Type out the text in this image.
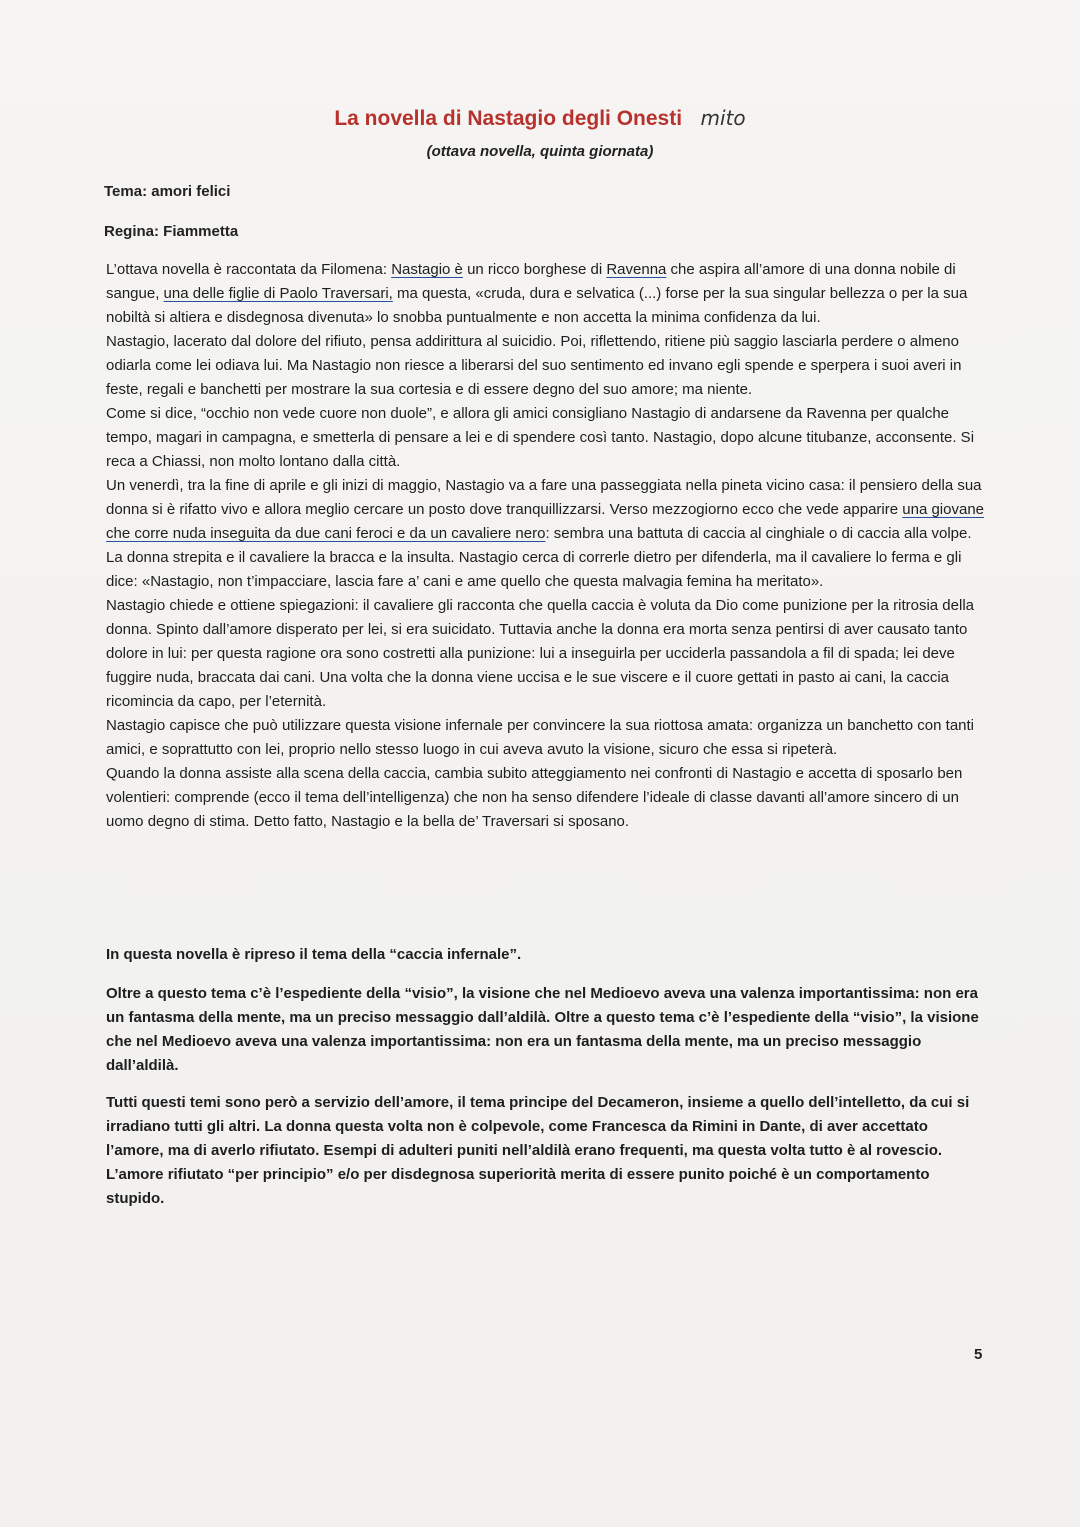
La novella di Nastagio degli Onesti mito
(ottava novella, quinta giornata)
Tema: amori felici
Regina: Fiammetta

L’ottava novella è raccontata da Filomena: Nastagio è un ricco borghese di Ravenna che aspira all’amore di una donna nobile di sangue, una delle figlie di Paolo Traversari, ma questa, «cruda, dura e selvatica (...) forse per la sua singular bellezza o per la sua nobiltà si altiera e disdegnosa divenuta» lo snobba puntualmente e non accetta la minima confidenza da lui.

Nastagio, lacerato dal dolore del rifiuto, pensa addirittura al suicidio. Poi, riflettendo, ritiene più saggio lasciarla perdere o almeno odiarla come lei odiava lui. Ma Nastagio non riesce a liberarsi del suo sentimento ed invano egli spende e sperpera i suoi averi in feste, regali e banchetti per mostrare la sua cortesia e di essere degno del suo amore; ma niente.

Come si dice, “occhio non vede cuore non duole”, e allora gli amici consigliano Nastagio di andarsene da Ravenna per qualche tempo, magari in campagna, e smetterla di pensare a lei e di spendere così tanto. Nastagio, dopo alcune titubanze, acconsente. Si reca a Chiassi, non molto lontano dalla città.

Un venerdì, tra la fine di aprile e gli inizi di maggio, Nastagio va a fare una passeggiata nella pineta vicino casa: il pensiero della sua donna si è rifatto vivo e allora meglio cercare un posto dove tranquillizzarsi. Verso mezzogiorno ecco che vede apparire una giovane che corre nuda inseguita da due cani feroci e da un cavaliere nero: sembra una battuta di caccia al cinghiale o di caccia alla volpe. La donna strepita e il cavaliere la bracca e la insulta. Nastagio cerca di correrle dietro per difenderla, ma il cavaliere lo ferma e gli dice: «Nastagio, non t’impacciare, lascia fare a’ cani e ame quello che questa malvagia femina ha meritato».

Nastagio chiede e ottiene spiegazioni: il cavaliere gli racconta che quella caccia è voluta da Dio come punizione per la ritrosia della donna. Spinto dall’amore disperato per lei, si era suicidato. Tuttavia anche la donna era morta senza pentirsi di aver causato tanto dolore in lui: per questa ragione ora sono costretti alla punizione: lui a inseguirla per ucciderla passandola a fil di spada; lei deve fuggire nuda, braccata dai cani. Una volta che la donna viene uccisa e le sue viscere e il cuore gettati in pasto ai cani, la caccia ricomincia da capo, per l’eternità.

Nastagio capisce che può utilizzare questa visione infernale per convincere la sua riottosa amata: organizza un banchetto con tanti amici, e soprattutto con lei, proprio nello stesso luogo in cui aveva avuto la visione, sicuro che essa si ripeterà.

Quando la donna assiste alla scena della caccia, cambia subito atteggiamento nei confronti di Nastagio e accetta di sposarlo ben volentieri: comprende (ecco il tema dell’intelligenza) che non ha senso difendere l’ideale di classe davanti all’amore sincero di un uomo degno di stima. Detto fatto, Nastagio e la bella de’ Traversari si sposano.

In questa novella è ripreso il tema della “caccia infernale”.
Oltre a questo tema c’è l’espediente della “visio”, la visione che nel Medioevo aveva una valenza importantissima: non era un fantasma della mente, ma un preciso messaggio dall’aldilà. Oltre a questo tema c’è l’espediente della “visio”, la visione che nel Medioevo aveva una valenza importantissima: non era un fantasma della mente, ma un preciso messaggio dall’aldilà.
Tutti questi temi sono però a servizio dell’amore, il tema principe del Decameron, insieme a quello dell’intelletto, da cui si irradiano tutti gli altri. La donna questa volta non è colpevole, come Francesca da Rimini in Dante, di aver accettato l’amore, ma di averlo rifiutato. Esempi di adulteri puniti nell’aldilà erano frequenti, ma questa volta tutto è al rovescio. L’amore rifiutato “per principio” e/o per disdegnosa superiorità merita di essere punito poiché è un comportamento stupido.
5
